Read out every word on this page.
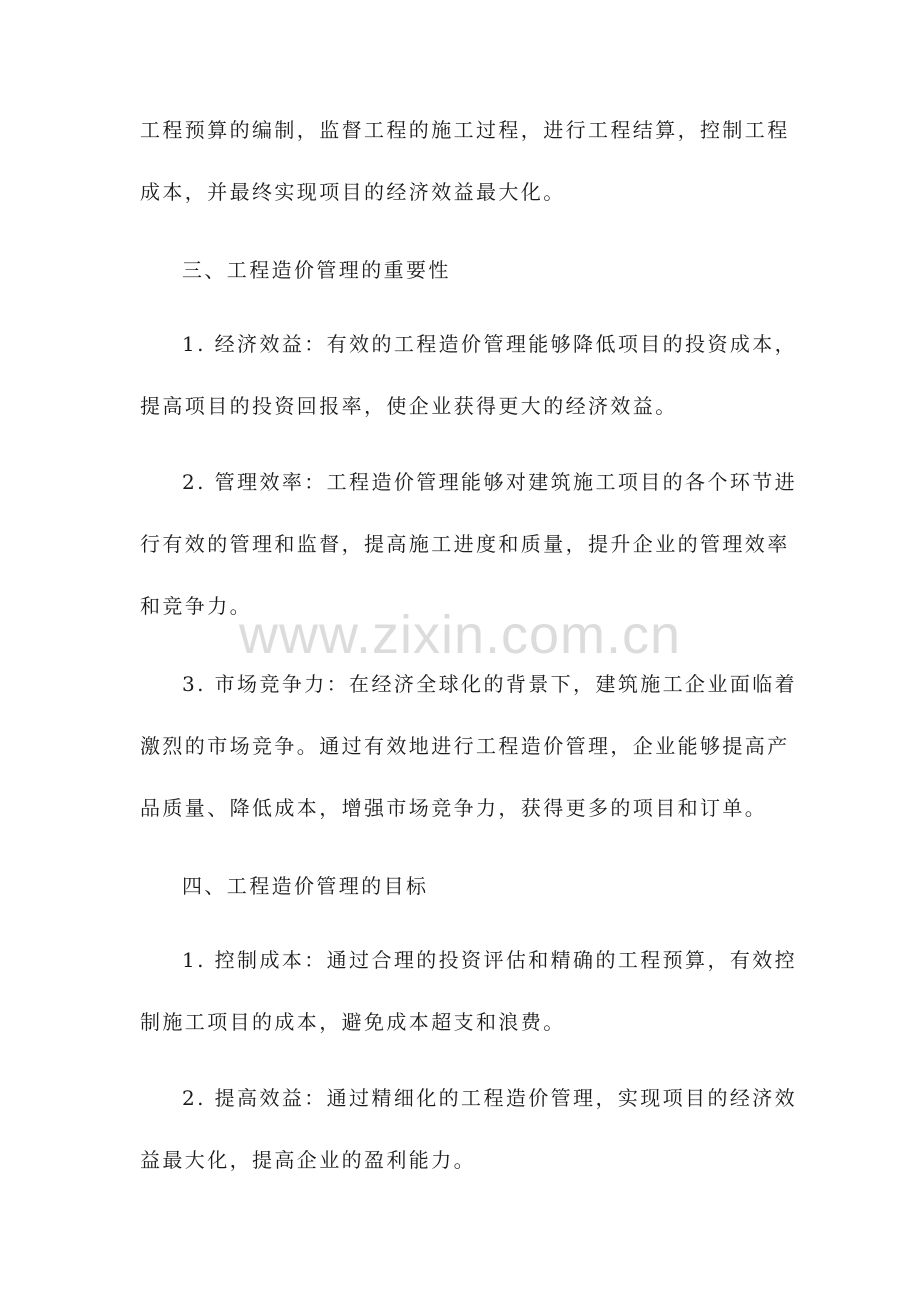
www.zixin.com.cn
工程预算的编制，监督工程的施工过程，进行工程结算，控制工程
成本，并最终实现项目的经济效益最大化。
三、工程造价管理的重要性
1. 经济效益：有效的工程造价管理能够降低项目的投资成本，
提高项目的投资回报率，使企业获得更大的经济效益。
2. 管理效率：工程造价管理能够对建筑施工项目的各个环节进
行有效的管理和监督，提高施工进度和质量，提升企业的管理效率
和竞争力。
3. 市场竞争力：在经济全球化的背景下，建筑施工企业面临着
激烈的市场竞争。通过有效地进行工程造价管理，企业能够提高产
品质量、降低成本，增强市场竞争力，获得更多的项目和订单。
四、工程造价管理的目标
1. 控制成本：通过合理的投资评估和精确的工程预算，有效控
制施工项目的成本，避免成本超支和浪费。
2. 提高效益：通过精细化的工程造价管理，实现项目的经济效
益最大化，提高企业的盈利能力。
